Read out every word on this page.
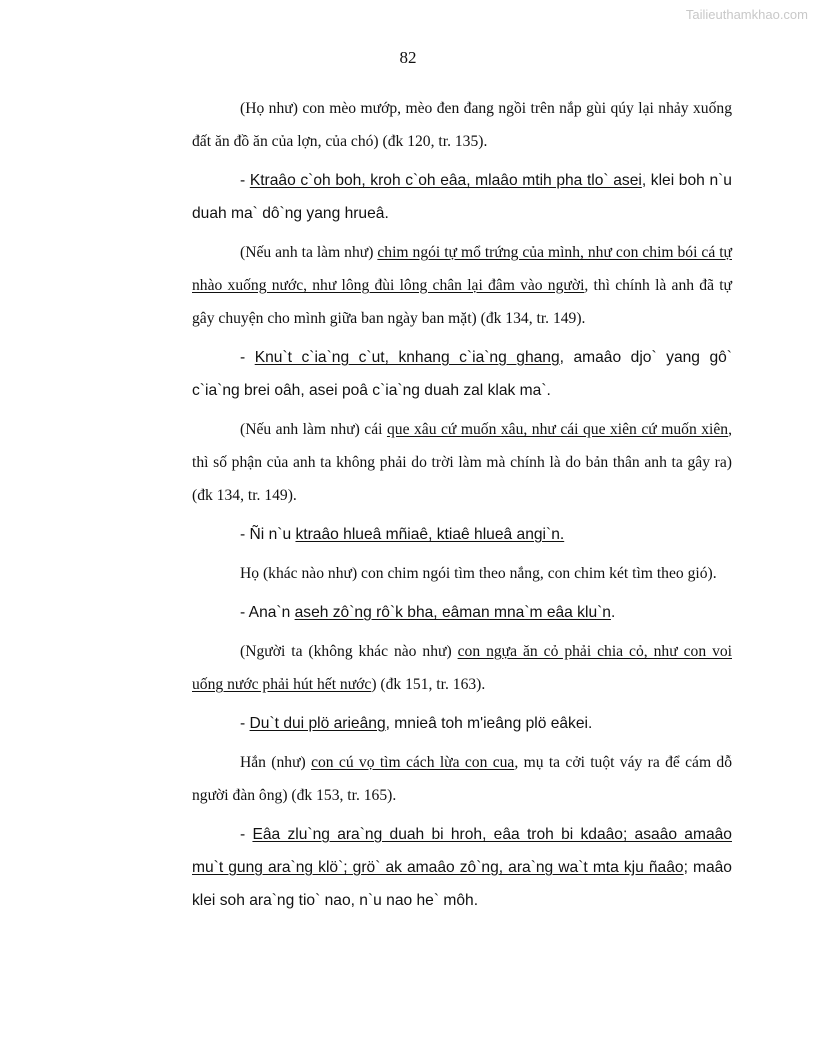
Tailieuthamkhao.com
82

(Họ như) con mèo mướp, mèo đen đang ngồi trên nắp gùi qúy lại nhảy xuống đất ăn đồ ăn của lợn, của chó) (đk 120, tr. 135).

- Ktraâo c`oh boh, kroh c`oh eâa, mlaâo mtih pha tlo` asei, klei boh n`u duah ma` dô`ng yang hrueâ.

(Nếu anh ta làm như) chim ngói tự mổ trứng của mình, như con chim bói cá tự nhào xuống nước, như lông đùi lông chân lại đâm vào người, thì chính là anh đã tự gây chuyện cho mình giữa ban ngày ban mặt) (đk 134, tr. 149).

- Knu`t c`ia`ng c`ut, knhang c`ia`ng ghang, amaâo djo` yang gô` c`ia`ng brei oâh, asei poâ c`ia`ng duah zal klak ma`.

(Nếu anh làm như) cái que xâu cứ muốn xâu, như cái que xiên cứ muốn xiên, thì số phận của anh ta không phải do trời làm mà chính là do bản thân anh ta gây ra) (đk 134, tr. 149).

- Ñi n`u ktraâo hlueâ mñiaê, ktiaê hlueâ angi`n.

Họ (khác nào như) con chim ngói tìm theo nắng, con chim két tìm theo gió).

- Ana`n aseh zô`ng rô`k bha, eâman mna`m eâa klu`n.

(Người ta (không khác nào như) con ngựa ăn cỏ phải chia cỏ, như con voi uống nước phải hút hết nước) (đk 151, tr. 163).

- Du`t dui plö arieâng, mnieâ toh m'ieâng plö eâkei.

Hắn (như) con cú vọ tìm cách lừa con cua, mụ ta cởi tuột váy ra để cám dỗ người đàn ông) (đk 153, tr. 165).

- Eâa zlu`ng ara`ng duah bi hroh, eâa troh bi kdaâo; asaâo amaâo mu`t gung ara`ng klö`; grö` ak amaâo zô`ng, ara`ng wa`t mta kju ñaâo; maâo klei soh ara`ng tio` nao, n`u nao he` môh.
